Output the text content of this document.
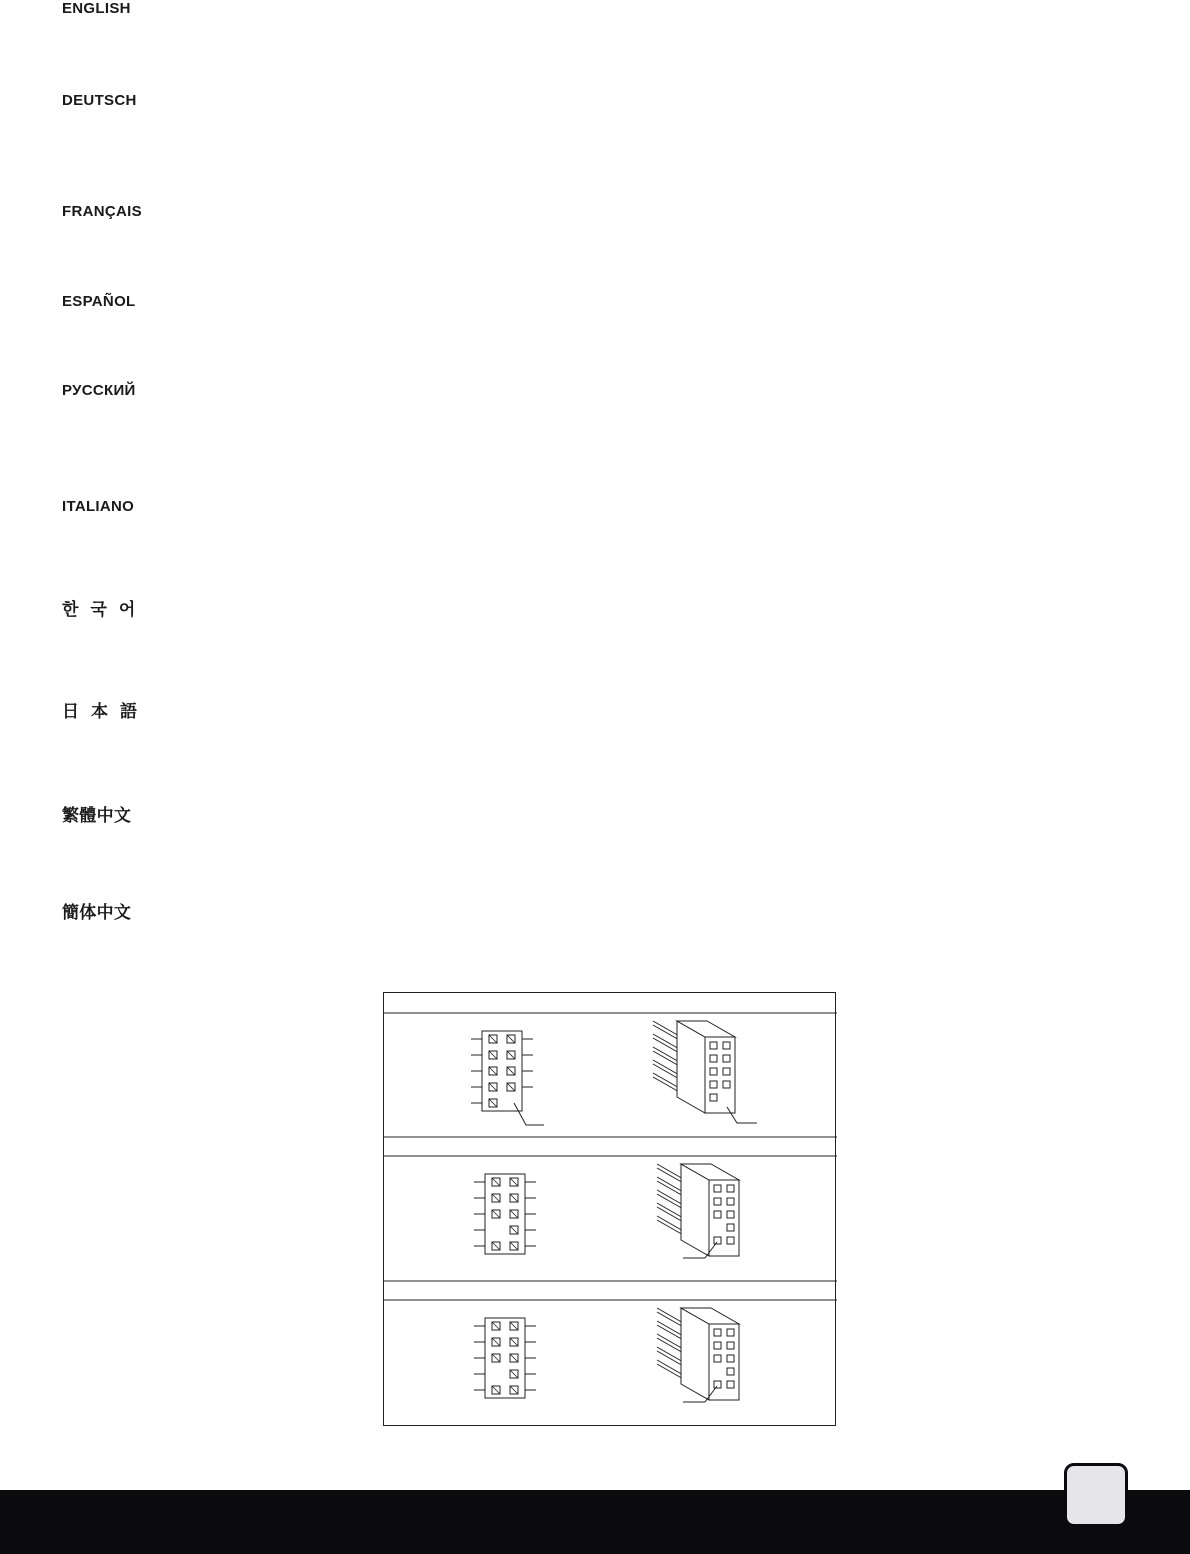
ENGLISH
DEUTSCH
FRANÇAIS
ESPAÑOL
РУССКИЙ
ITALIANO
한국어
日本語
繁體中文
簡体中文
